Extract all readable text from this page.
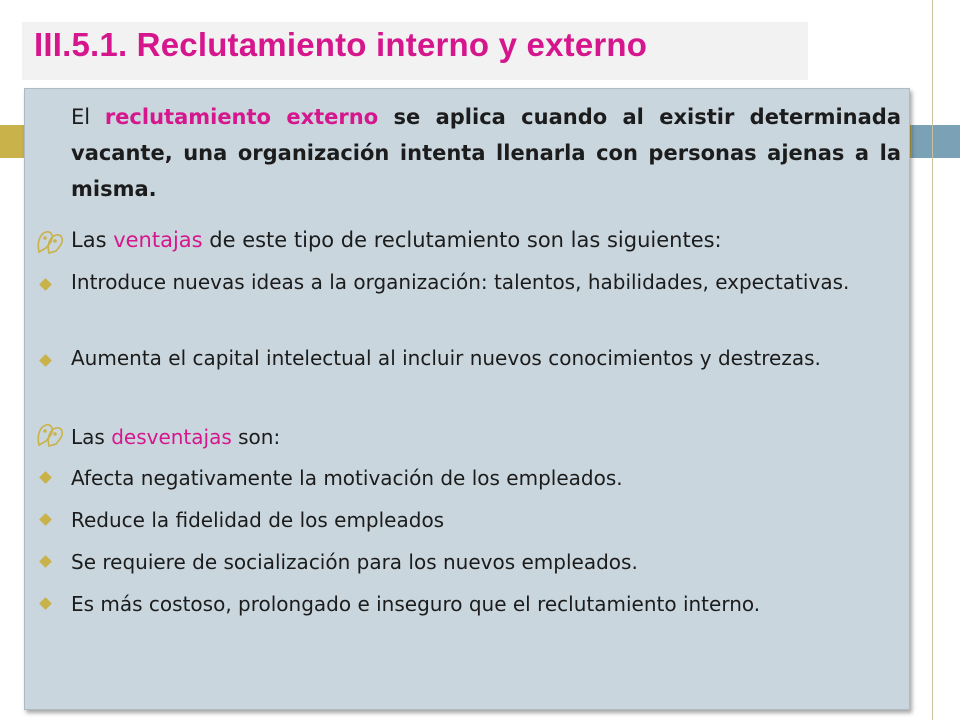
III.5.1. Reclutamiento interno y externo
El reclutamiento externo se aplica cuando al existir determinada vacante, una organización intenta llenarla con personas ajenas a la misma.
Las ventajas de este tipo de reclutamiento son las siguientes:
Introduce nuevas ideas a la organización: talentos, habilidades, expectativas.
Aumenta el capital intelectual al incluir nuevos conocimientos y destrezas.
Las desventajas son:
Afecta negativamente la motivación de los empleados.
Reduce la fidelidad de los empleados
Se requiere de socialización para los nuevos empleados.
Es más costoso, prolongado e inseguro que el reclutamiento interno.
